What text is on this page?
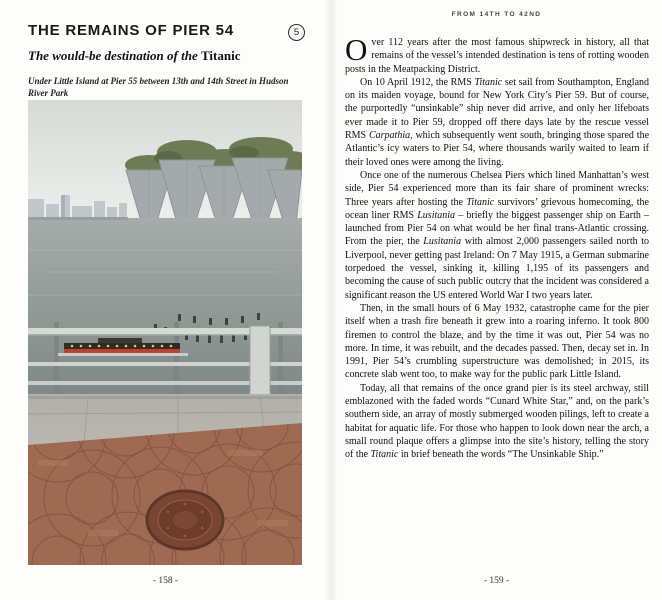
THE REMAINS OF PIER 54	5
The would-be destination of the Titanic
Under Little Island at Pier 55 between 13th and 14th Street in Hudson River Park
- 158 -
FROM 14TH TO 42ND

Over 112 years after the most famous shipwreck in history, all that remains of the vessel’s intended destination is tens of rotting wooden posts in the Meatpacking District.

On 10 April 1912, the RMS Titanic set sail from Southampton, England on its maiden voyage, bound for New York City’s Pier 59. But of course, the purportedly “unsinkable” ship never did arrive, and only her lifeboats ever made it to Pier 59, dropped off there days late by the rescue vessel RMS Carpathia, which subsequently went south, bringing those spared the Atlantic’s icy waters to Pier 54, where thousands warily waited to learn if their loved ones were among the living.

Once one of the numerous Chelsea Piers which lined Manhattan’s west side, Pier 54 experienced more than its fair share of prominent wrecks: Three years after hosting the Titanic survivors’ grievous homecoming, the ocean liner RMS Lusitania – briefly the biggest passenger ship on Earth – launched from Pier 54 on what would be her final trans-Atlantic crossing. From the pier, the Lusitania with almost 2,000 passengers sailed north to Liverpool, never getting past Ireland: On 7 May 1915, a German submarine torpedoed the vessel, sinking it, killing 1,195 of its passengers and becoming the cause of such public outcry that the incident was considered a significant reason the US entered World War I two years later.

Then, in the small hours of 6 May 1932, catastrophe came for the pier itself when a trash fire beneath it grew into a roaring inferno. It took 800 firemen to control the blaze, and by the time it was out, Pier 54 was no more. In time, it was rebuilt, and the decades passed. Then, decay set in. In 1991, Pier 54’s crumbling superstructure was demolished; in 2015, its concrete slab went too, to make way for the public park Little Island.

Today, all that remains of the once grand pier is its steel archway, still emblazoned with the faded words “Cunard White Star,” and, on the park’s southern side, an array of mostly submerged wooden pilings, left to create a habitat for aquatic life. For those who happen to look down near the arch, a small round plaque offers a glimpse into the site’s history, telling the story of the Titanic in brief beneath the words “The Unsinkable Ship.”

- 159 -
